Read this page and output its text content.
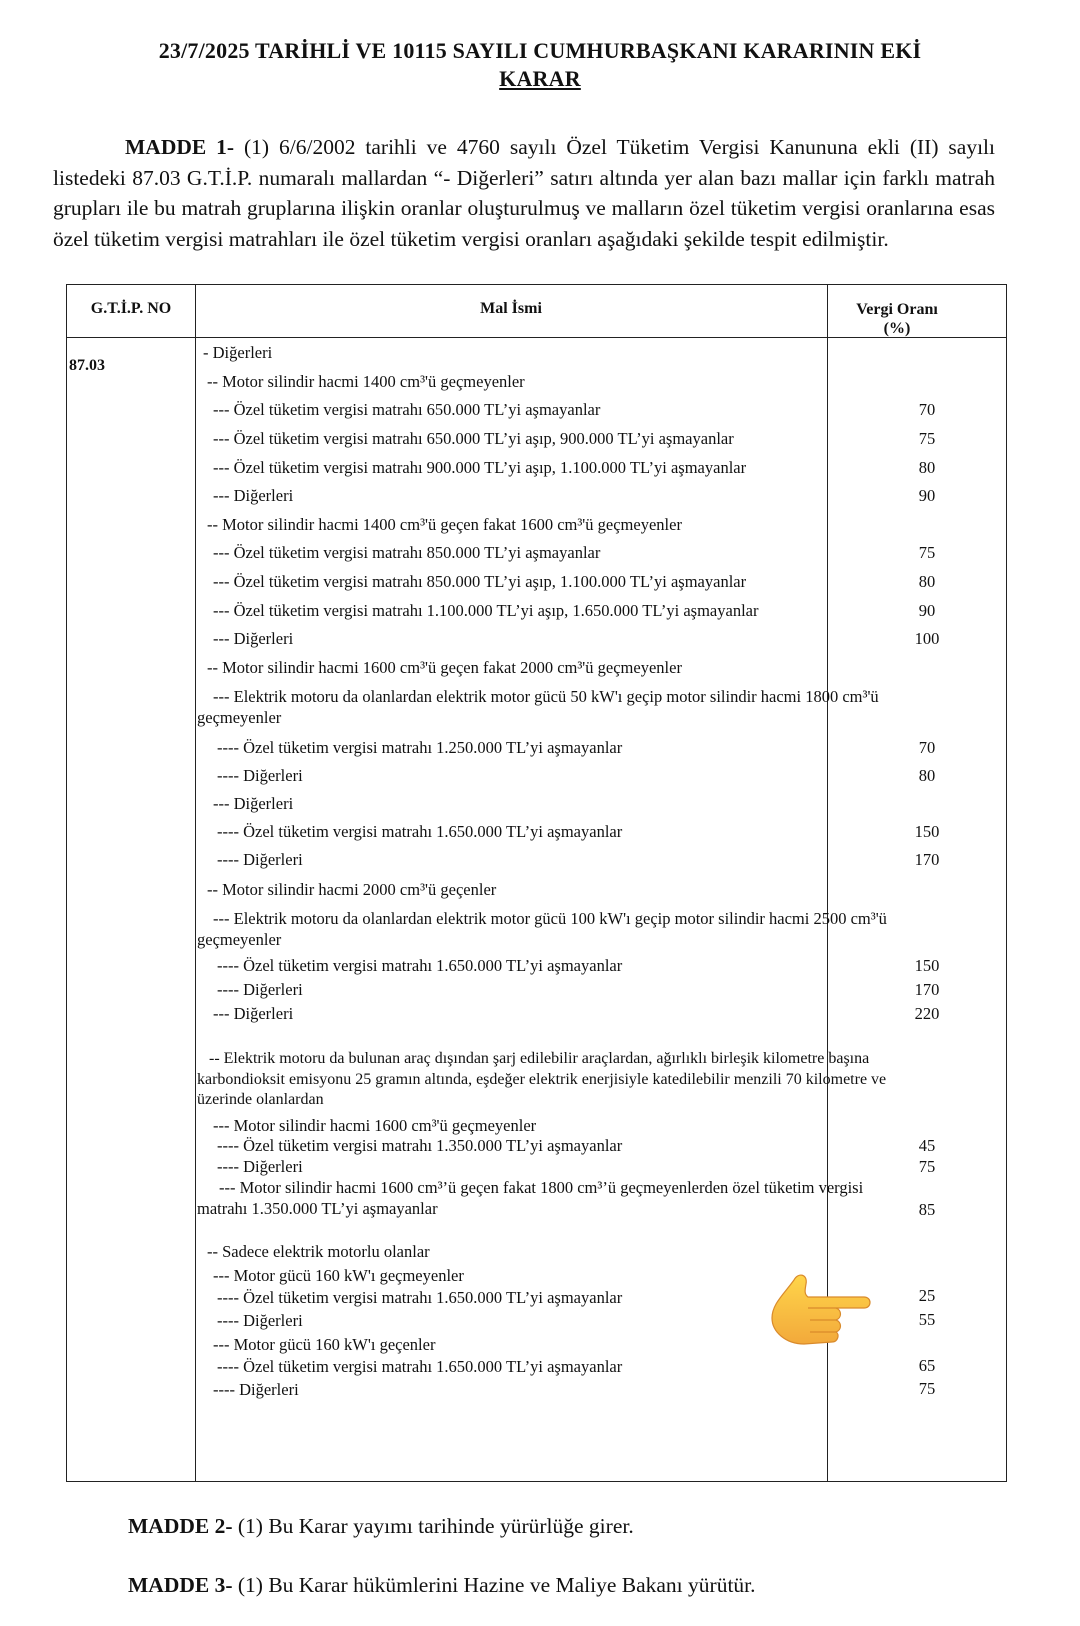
23/7/2025 TARİHLİ VE 10115 SAYILI CUMHURBAŞKANI KARARININ EKİ
KARAR
MADDE 1- (1) 6/6/2002 tarihli ve 4760 sayılı Özel Tüketim Vergisi Kanununa ekli (II) sayılı listedeki 87.03 G.T.İ.P. numaralı mallardan “- Diğerleri” satırı altında yer alan bazı mallar için farklı matrah grupları ile bu matrah gruplarına ilişkin oranlar oluşturulmuş ve malların özel tüketim vergisi oranlarına esas özel tüketim vergisi matrahları ile özel tüketim vergisi oranları aşağıdaki şekilde tespit edilmiştir.
G.T.İ.P. NO	Mal İsmi	Vergi Oranı (%)
87.03
- Diğerleri
-- Motor silindir hacmi 1400 cm³'ü geçmeyenler
--- Özel tüketim vergisi matrahı 650.000 TL’yi aşmayanlar	70
--- Özel tüketim vergisi matrahı 650.000 TL’yi aşıp, 900.000 TL’yi aşmayanlar	75
--- Özel tüketim vergisi matrahı 900.000 TL’yi aşıp, 1.100.000 TL’yi aşmayanlar	80
--- Diğerleri	90
-- Motor silindir hacmi 1400 cm³'ü geçen fakat 1600 cm³'ü geçmeyenler
--- Özel tüketim vergisi matrahı 850.000 TL’yi aşmayanlar	75
--- Özel tüketim vergisi matrahı 850.000 TL’yi aşıp, 1.100.000 TL’yi aşmayanlar	80
--- Özel tüketim vergisi matrahı 1.100.000 TL’yi aşıp, 1.650.000 TL’yi aşmayanlar	90
--- Diğerleri	100
-- Motor silindir hacmi 1600 cm³'ü geçen fakat 2000 cm³'ü geçmeyenler
--- Elektrik motoru da olanlardan elektrik motor gücü 50 kW'ı geçip motor silindir hacmi 1800 cm³'ü geçmeyenler
---- Özel tüketim vergisi matrahı 1.250.000 TL’yi aşmayanlar	70
---- Diğerleri	80
--- Diğerleri
---- Özel tüketim vergisi matrahı 1.650.000 TL’yi aşmayanlar	150
---- Diğerleri	170
-- Motor silindir hacmi 2000 cm³'ü geçenler
--- Elektrik motoru da olanlardan elektrik motor gücü 100 kW'ı geçip motor silindir hacmi 2500 cm³'ü geçmeyenler
---- Özel tüketim vergisi matrahı 1.650.000 TL’yi aşmayanlar	150
---- Diğerleri	170
--- Diğerleri	220
-- Elektrik motoru da bulunan araç dışından şarj edilebilir araçlardan, ağırlıklı birleşik kilometre başına karbondioksit emisyonu 25 gramın altında, eşdeğer elektrik enerjisiyle katedilebilir menzili 70 kilometre ve üzerinde olanlardan
--- Motor silindir hacmi 1600 cm³'ü geçmeyenler
---- Özel tüketim vergisi matrahı 1.350.000 TL’yi aşmayanlar	45
---- Diğerleri	75
--- Motor silindir hacmi 1600 cm³’ü geçen fakat 1800 cm³’ü geçmeyenlerden özel tüketim vergisi matrahı 1.350.000 TL’yi aşmayanlar	85
-- Sadece elektrik motorlu olanlar
--- Motor gücü 160 kW'ı geçmeyenler
---- Özel tüketim vergisi matrahı 1.650.000 TL’yi aşmayanlar	25
---- Diğerleri	55
--- Motor gücü 160 kW'ı geçenler
---- Özel tüketim vergisi matrahı 1.650.000 TL’yi aşmayanlar	65
---- Diğerleri	75
MADDE 2- (1) Bu Karar yayımı tarihinde yürürlüğe girer.
MADDE 3- (1) Bu Karar hükümlerini Hazine ve Maliye Bakanı yürütür.
